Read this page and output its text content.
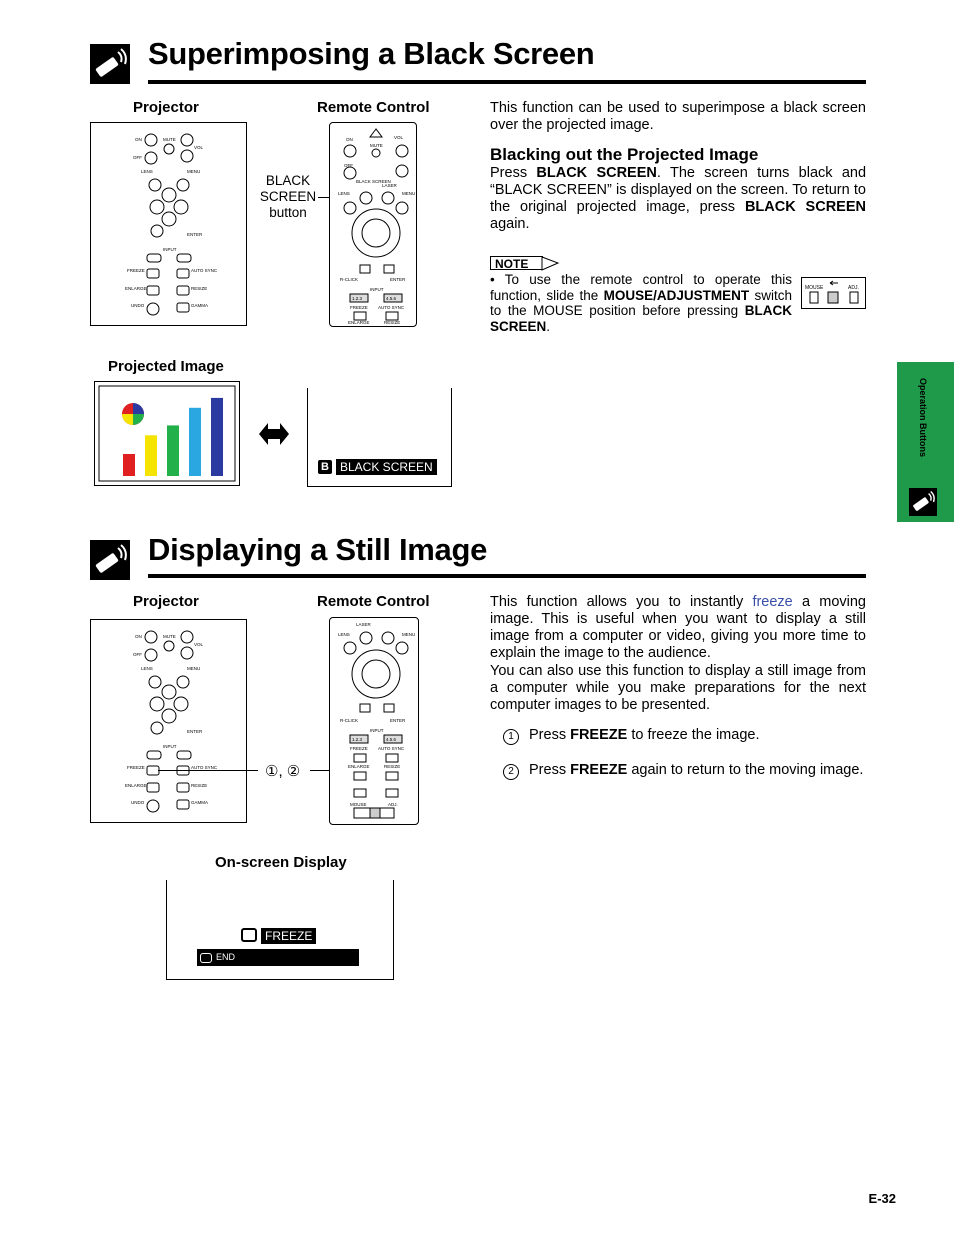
Superimposing a Black Screen
Projector	Remote Control
ON	MUTE
VOL
OFF
LENS	MENU
ENTER
INPUT
FREEZE	AUTO SYNC
ENLARGE	RESIZE
UNDO	GAMMA
BLACK
SCREEN
button
ON
MUTE
VOL
OFF
BLACK SCREEN
LASER
LENS	MENU
R-CLICK	ENTER
INPUT
1.2.3	4.5.6
FREEZE AUTO SYNC
ENLARGE	RESIZE
This function can be used to superimpose a black screen over the projected image.
Blacking out the Projected Image
Press BLACK SCREEN. The screen turns black and “BLACK SCREEN” is displayed on the screen. To return to the original projected image, press BLACK SCREEN again.
NOTE
• To use the remote control to operate this function, slide the MOUSE/ADJUSTMENT switch to the MOUSE position before pressing BLACK SCREEN.
MOUSE	ADJ.
Projected Image
B BLACK SCREEN
Displaying a Still Image
Projector	Remote Control
ON	MUTE
VOL
OFF
LENS	MENU
ENTER
INPUT
FREEZE	AUTO SYNC
ENLARGE	RESIZE
UNDO	GAMMA
①, ②
LASER
LENS	MENU
R-CLICK	ENTER
INPUT
1.2.3	4.5.6
FREEZE AUTO SYNC
ENLARGE	RESIZE
MOUSE	ADJ.
This function allows you to instantly freeze a moving image. This is useful when you want to display a still image from a computer or video, giving you more time to explain the image to the audience.
You can also use this function to display a still image from a computer while you make preparations for the next computer images to be presented.
1 Press FREEZE to freeze the image.
2 Press FREEZE again to return to the moving image.
On-screen Display
FREEZE
END
Operation Buttons
E-32
